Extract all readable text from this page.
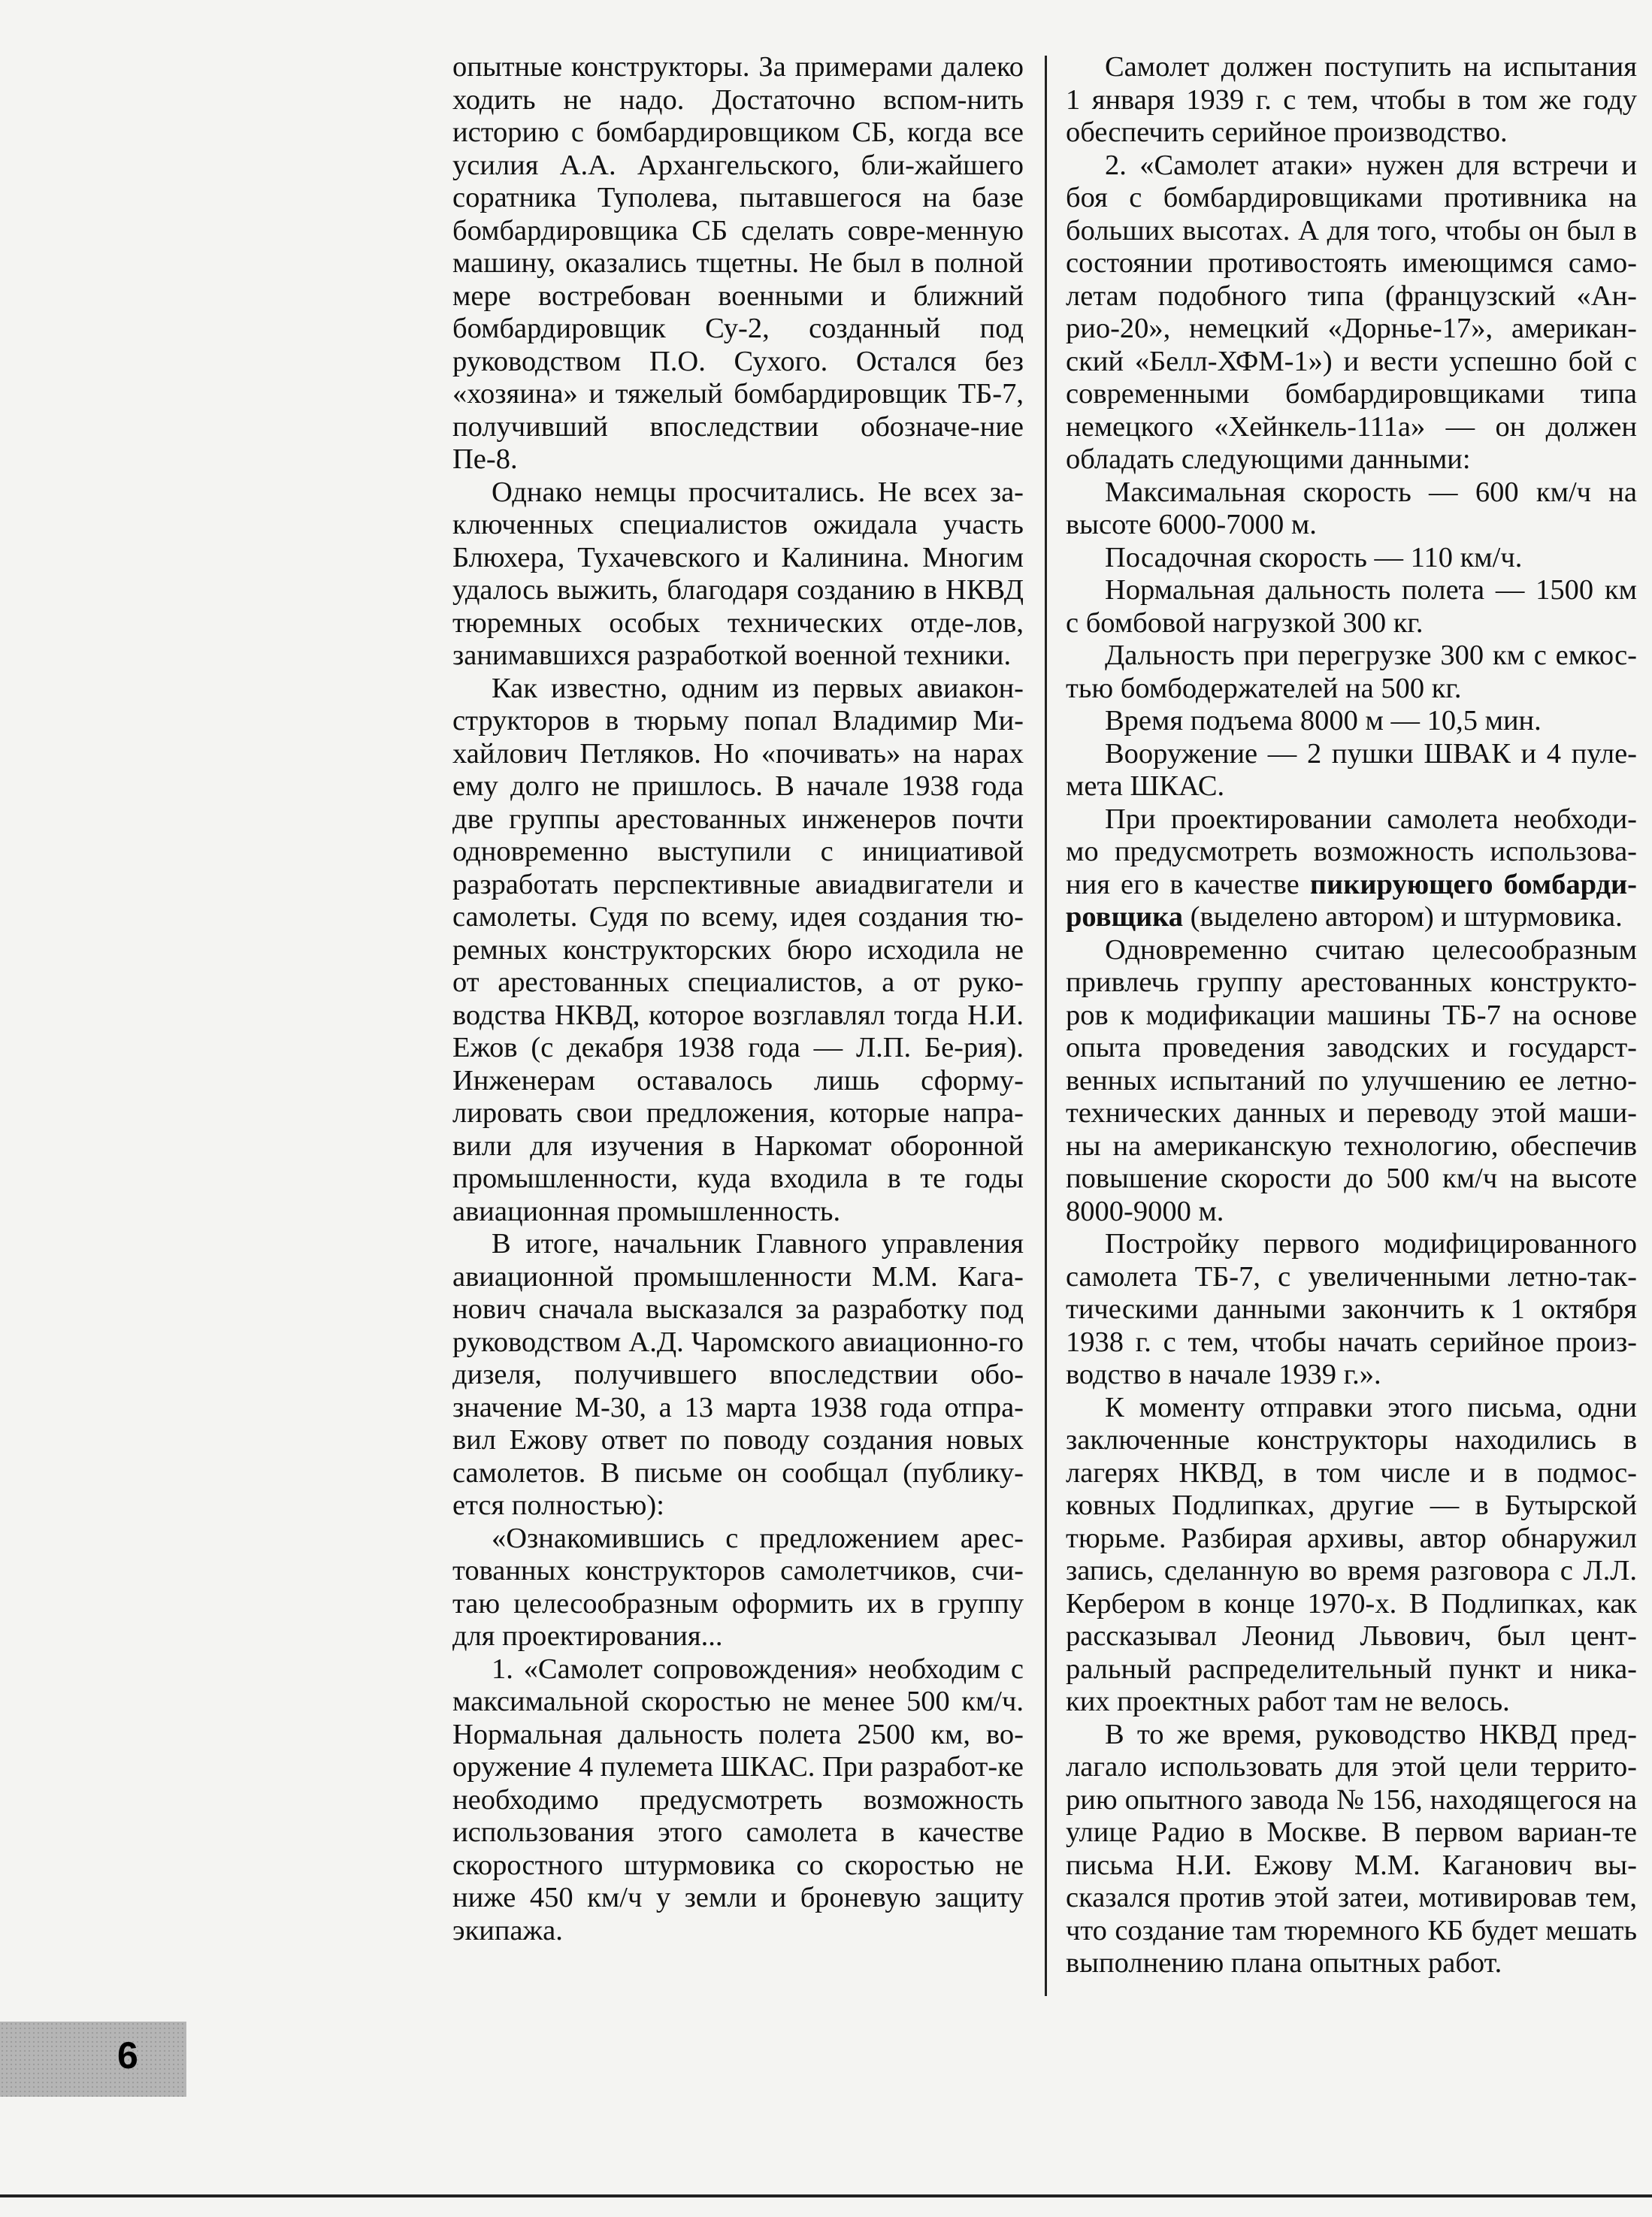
опытные конструкторы. За примерами далеко ходить не надо. Достаточно вспом-нить историю с бомбардировщиком СБ, когда все усилия А.А. Архангельского, бли-жайшего соратника Туполева, пытавшегося на базе бомбардировщика СБ сделать совре-менную машину, оказались тщетны. Не был в полной мере востребован военными и ближний бомбардировщик Су-2, созданный под руководством П.О. Сухого. Остался без «хозяина» и тяжелый бомбардировщик ТБ-7, получивший впоследствии обозначе-ние Пе-8.

Однако немцы просчитались. Не всех за-ключенных специалистов ожидала участь Блюхера, Тухачевского и Калинина. Многим удалось выжить, благодаря созданию в НКВД тюремных особых технических отде-лов, занимавшихся разработкой военной техники.

Как известно, одним из первых авиакон-структоров в тюрьму попал Владимир Ми-хайлович Петляков. Но «почивать» на нарах ему долго не пришлось. В начале 1938 года две группы арестованных инженеров почти одновременно выступили с инициативой разработать перспективные авиадвигатели и самолеты. Судя по всему, идея создания тю-ремных конструкторских бюро исходила не от арестованных специалистов, а от руко-водства НКВД, которое возглавлял тогда Н.И. Ежов (с декабря 1938 года — Л.П. Бе-рия). Инженерам оставалось лишь сформу-лировать свои предложения, которые напра-вили для изучения в Наркомат оборонной промышленности, куда входила в те годы авиационная промышленность.

В итоге, начальник Главного управления авиационной промышленности М.М. Кага-нович сначала высказался за разработку под руководством А.Д. Чаромского авиационно-го дизеля, получившего впоследствии обо-значение М-30, а 13 марта 1938 года отпра-вил Ежову ответ по поводу создания новых самолетов. В письме он сообщал (публику-ется полностью):

«Ознакомившись с предложением арес-тованных конструкторов самолетчиков, счи-таю целесообразным оформить их в группу для проектирования...

1. «Самолет сопровождения» необходим с максимальной скоростью не менее 500 км/ч. Нормальная дальность полета 2500 км, во-оружение 4 пулемета ШКАС. При разработ-ке необходимо предусмотреть возможность использования этого самолета в качестве скоростного штурмовика со скоростью не ниже 450 км/ч у земли и броневую защиту экипажа.

Самолет должен поступить на испытания 1 января 1939 г. с тем, чтобы в том же году обеспечить серийное производство.

2. «Самолет атаки» нужен для встречи и боя с бомбардировщиками противника на больших высотах. А для того, чтобы он был в состоянии противостоять имеющимся само-летам подобного типа (французский «Ан-рио-20», немецкий «Дорнье-17», американ-ский «Белл-ХФМ-1») и вести успешно бой с современными бомбардировщиками типа немецкого «Хейнкель-111а» — он должен обладать следующими данными:

Максимальная скорость — 600 км/ч на высоте 6000-7000 м.

Посадочная скорость — 110 км/ч.

Нормальная дальность полета — 1500 км с бомбовой нагрузкой 300 кг.

Дальность при перегрузке 300 км с емкос-тью бомбодержателей на 500 кг.

Время подъема 8000 м — 10,5 мин.

Вооружение — 2 пушки ШВАК и 4 пуле-мета ШКАС.

При проектировании самолета необходи-мо предусмотреть возможность использова-ния его в качестве пикирующего бомбарди-ровщика (выделено автором) и штурмовика.

Одновременно считаю целесообразным привлечь группу арестованных конструкто-ров к модификации машины ТБ-7 на основе опыта проведения заводских и государст-венных испытаний по улучшению ее летно-технических данных и переводу этой маши-ны на американскую технологию, обеспечив повышение скорости до 500 км/ч на высоте 8000-9000 м.

Постройку первого модифицированного самолета ТБ-7, с увеличенными летно-так-тическими данными закончить к 1 октября 1938 г. с тем, чтобы начать серийное произ-водство в начале 1939 г.».

К моменту отправки этого письма, одни заключенные конструкторы находились в лагерях НКВД, в том числе и в подмос-ковных Подлипках, другие — в Бутырской тюрьме. Разбирая архивы, автор обнаружил запись, сделанную во время разговора с Л.Л. Кербером в конце 1970-х. В Подлипках, как рассказывал Леонид Львович, был цент-ральный распределительный пункт и ника-ких проектных работ там не велось.

В то же время, руководство НКВД пред-лагало использовать для этой цели террито-рию опытного завода № 156, находящегося на улице Радио в Москве. В первом вариан-те письма Н.И. Ежову М.М. Каганович вы-сказался против этой затеи, мотивировав тем, что создание там тюремного КБ будет мешать выполнению плана опытных работ.

6
